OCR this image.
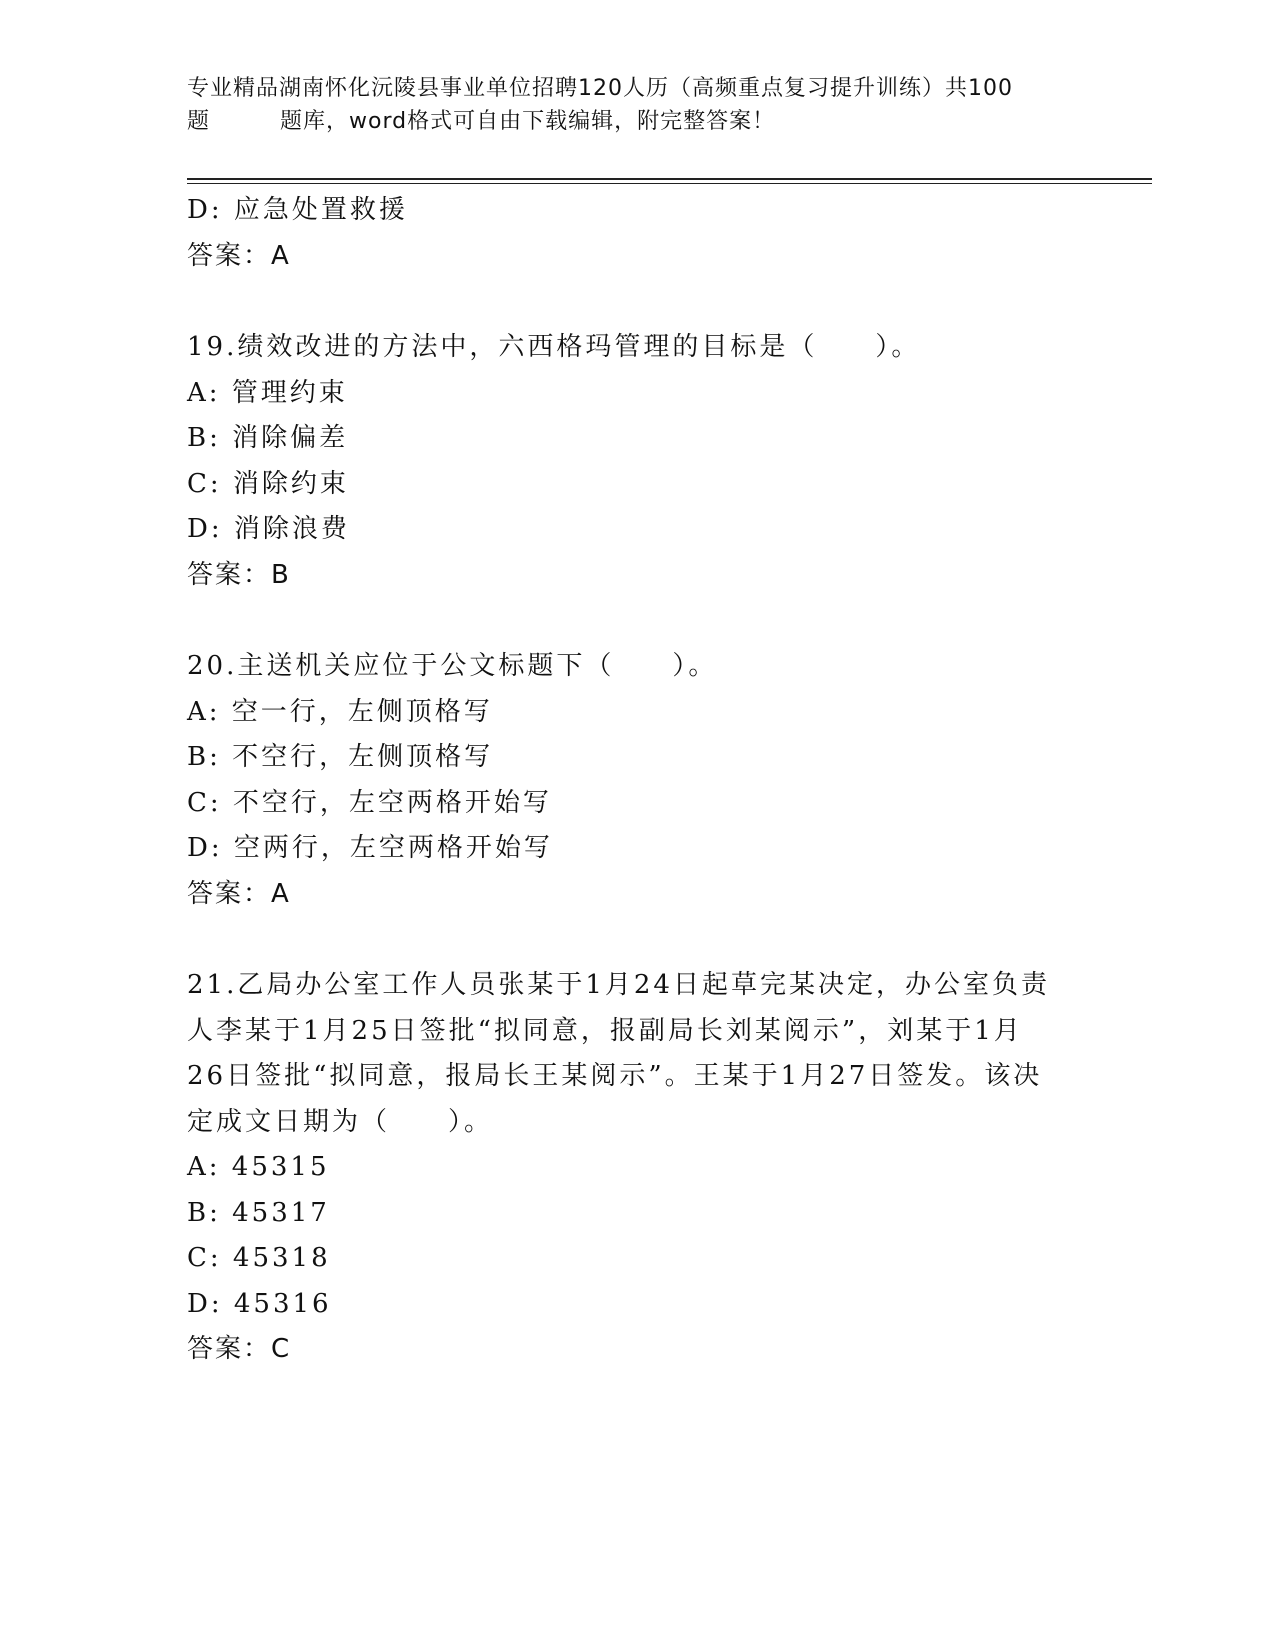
专业精品湖南怀化沅陵县事业单位招聘120人历（高频重点复习提升训练）共100
题	题库，word格式可自由下载编辑，附完整答案！
D: 应急处置救援
答案：A
19.绩效改进的方法中，六西格玛管理的目标是（　　）。
A: 管理约束
B: 消除偏差
C: 消除约束
D: 消除浪费
答案：B
20.主送机关应位于公文标题下（　　）。
A: 空一行，左侧顶格写
B: 不空行，左侧顶格写
C: 不空行，左空两格开始写
D: 空两行，左空两格开始写
答案：A
21.乙局办公室工作人员张某于1月24日起草完某决定，办公室负责
人李某于1月25日签批“拟同意，报副局长刘某阅示”，刘某于1月
26日签批“拟同意，报局长王某阅示”。王某于1月27日签发。该决
定成文日期为（　　）。
A: 45315
B: 45317
C: 45318
D: 45316
答案：C
